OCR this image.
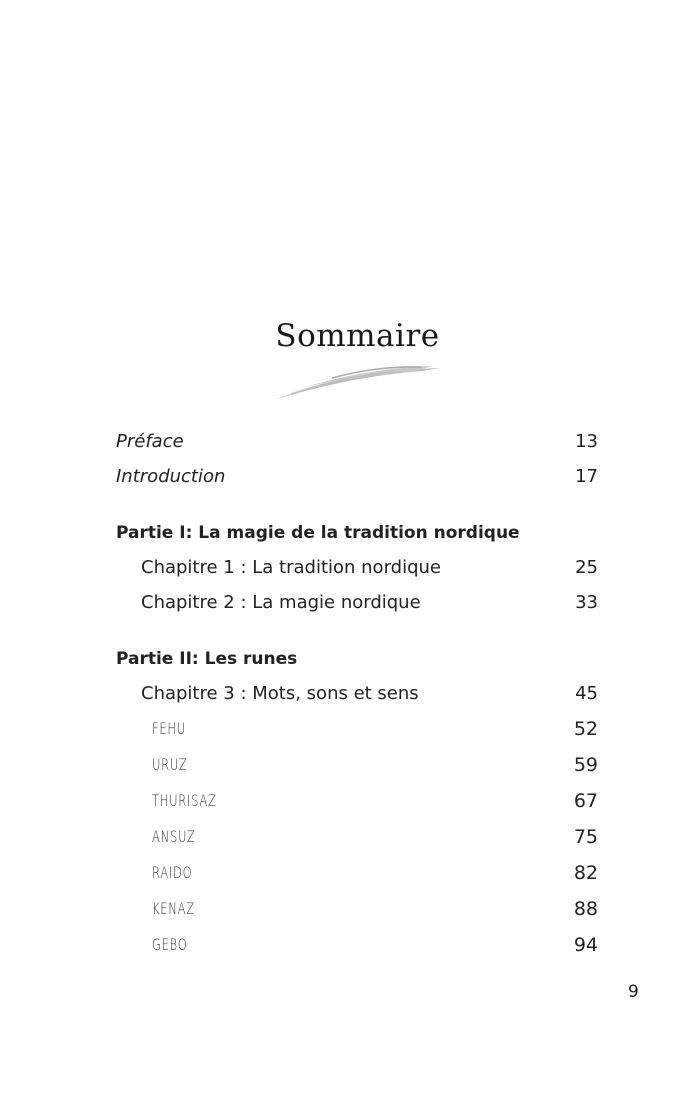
Sommaire
Préface	13
Introduction	17
Partie I: La magie de la tradition nordique
Chapitre 1 : La tradition nordique	25
Chapitre 2 : La magie nordique	33
Partie II: Les runes
Chapitre 3 : Mots, sons et sens	45
FEHU	52
URUZ	59
THURISAZ	67
ANSUZ	75
RAIDO	82
KENAZ	88
GEBO	94
9
